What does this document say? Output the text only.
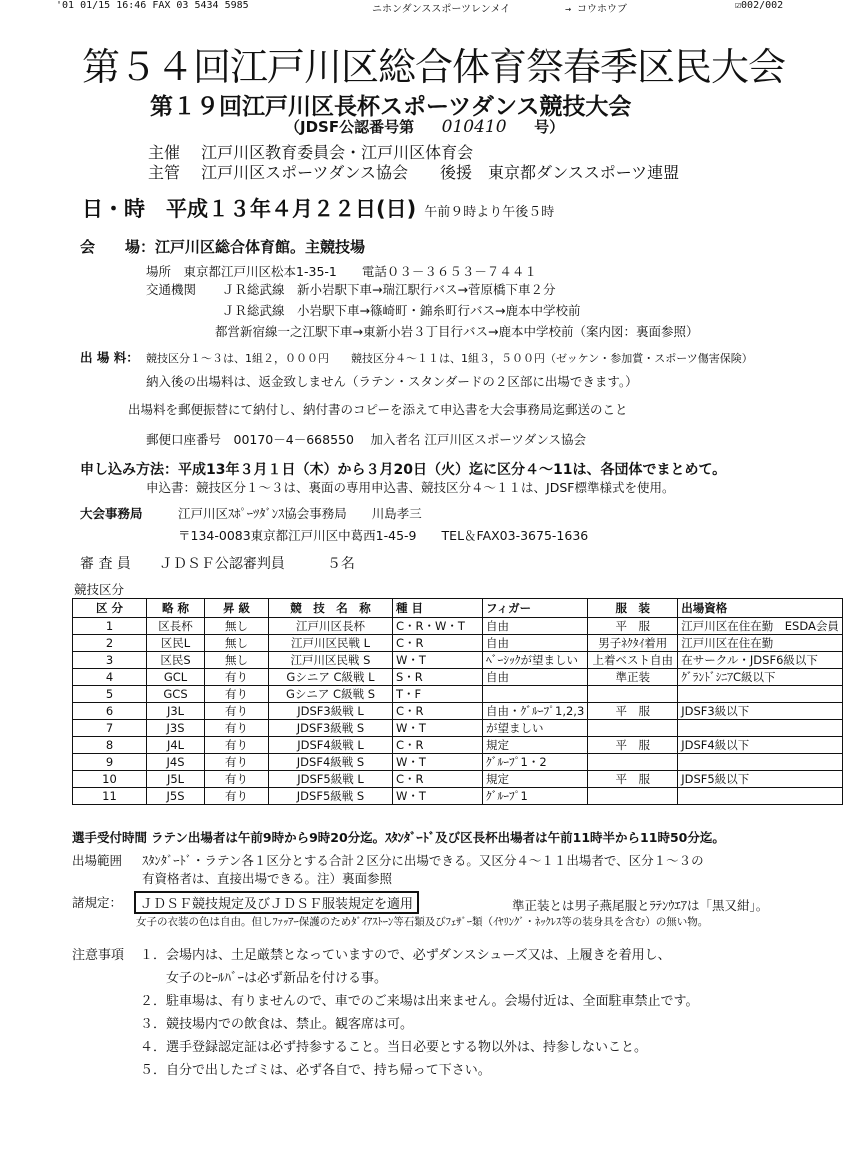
'01 01/15 16:46 FAX 03 5434 5985	ニホンダンススポーツレンメイ	→ コウホウブ	☑002/002
第５４回江戸川区総合体育祭春季区民大会
第１９回江戸川区長杯スポーツダンス競技大会
（JDSF公認番号第 010410 号）
主催　 江戸川区教育委員会・江戸川区体育会
主管　 江戸川区スポーツダンス協会　　 後援　 東京都ダンススポーツ連盟
日・時　 平成１３年４月２２日(日) 午前９時より午後５時
会　　場：江戸川区総合体育館。主競技場
場所　 東京都江戸川区松本1-35-1　　 電話０３－３６５３－７４４１
交通機関 ＪＲ総武線　新小岩駅下車→瑞江駅行バス→菅原橋下車２分
ＪＲ総武線　小岩駅下車→篠崎町・錦糸町行バス→鹿本中学校前
都営新宿線一之江駅下車→東新小岩３丁目行バス→鹿本中学校前（案内図：裏面参照）
出 場 料： 競技区分１～３は、1組２，０００円　　競技区分４～１１は、1組３，５００円（ゼッケン・参加賞・スポーツ傷害保険）
納入後の出場料は、返金致しません（ラテン・スタンダードの２区部に出場できます。）
出場料を郵便振替にて納付し、納付書のコピーを添えて申込書を大会事務局迄郵送のこと
郵便口座番号　00170－4－668550　 加入者名 江戸川区スポーツダンス協会
申し込み方法：平成13年３月１日（木）から３月20日（火）迄に区分４～11は、各団体でまとめて。
申込書：競技区分１～３は、裏面の専用申込書、競技区分４～１１は、JDSF標準様式を使用。
大会事務局	江戸川区ｽﾎﾟｰﾂﾀﾞﾝｽ協会事務局　　川島孝三
〒134-0083東京都江戸川区中葛西1-45-9　　 TEL＆FAX03-3675-1636
審 査 員　　 ＪＤＳＦ公認審判員　　　５名
競技区分
区 分	略 称	昇 級	競　技　名　称	種 目	フィガー	服　装	出場資格
1	区長杯	無し	江戸川区長杯	C・R・W・T	自由	平　服	江戸川区在住在勤　ESDA会員
2	区民L	無し	江戸川区民戦 L	C・R	自由	男子ﾈｸﾀｲ着用	江戸川区在住在勤
3	区民S	無し	江戸川区民戦 S	W・T	ﾍﾞｰｼｯｸが望ましい	上着ベスト自由	在サークル・JDSF6級以下
4	GCL	有り	Gシニア C級戦 L	S・R	自由	準正装	ｸﾞﾗﾝﾄﾞｼﾆｱC級以下
5	GCS	有り	Gシニア C級戦 S	T・F			
6	J3L	有り	JDSF3級戦 L	C・R	自由・ｸﾞﾙｰﾌﾟ1,2,3	平　服	JDSF3級以下
7	J3S	有り	JDSF3級戦 S	W・T	が望ましい		
8	J4L	有り	JDSF4級戦 L	C・R	規定	平　服	JDSF4級以下
9	J4S	有り	JDSF4級戦 S	W・T	ｸﾞﾙｰﾌﾟ1・2		
10	J5L	有り	JDSF5級戦 L	C・R	規定	平　服	JDSF5級以下
11	J5S	有り	JDSF5級戦 S	W・T	ｸﾞﾙｰﾌﾟ1		
選手受付時間 ラテン出場者は午前9時から9時20分迄。ｽﾀﾝﾀﾞｰﾄﾞ及び区長杯出場者は午前11時半から11時50分迄。
出場範囲 ｽﾀﾝﾀﾞｰﾄﾞ・ラテン各１区分とする合計２区分に出場できる。又区分４～１１出場者で、区分１～３の
有資格者は、直接出場できる。注）裏面参照
諸規定：	ＪＤＳＦ競技規定及びＪＤＳＦ服装規定を適用	準正装とは男子燕尾服とﾗﾃﾝｳｴｱは「黒又紺」。
女子の衣装の色は自由。但しﾌｧｯｱｰ保護のためﾀﾞｲｱｽﾄｰﾝ等石類及びﾌｪｻﾞｰ類（ｲﾔﾘﾝｸﾞ・ﾈｯｸﾚｽ等の装身具を含む）の無い物。
注意事項 １．会場内は、土足厳禁となっていますので、必ずダンスシューズ又は、上履きを着用し、
　　女子のﾋｰﾙﾊﾞｰは必ず新品を付ける事。
２．駐車場は、有りませんので、車でのご来場は出来ません。会場付近は、全面駐車禁止です。
３．競技場内での飲食は、禁止。観客席は可。
４．選手登録認定証は必ず持参すること。当日必要とする物以外は、持参しないこと。
５．自分で出したゴミは、必ず各自で、持ち帰って下さい。
